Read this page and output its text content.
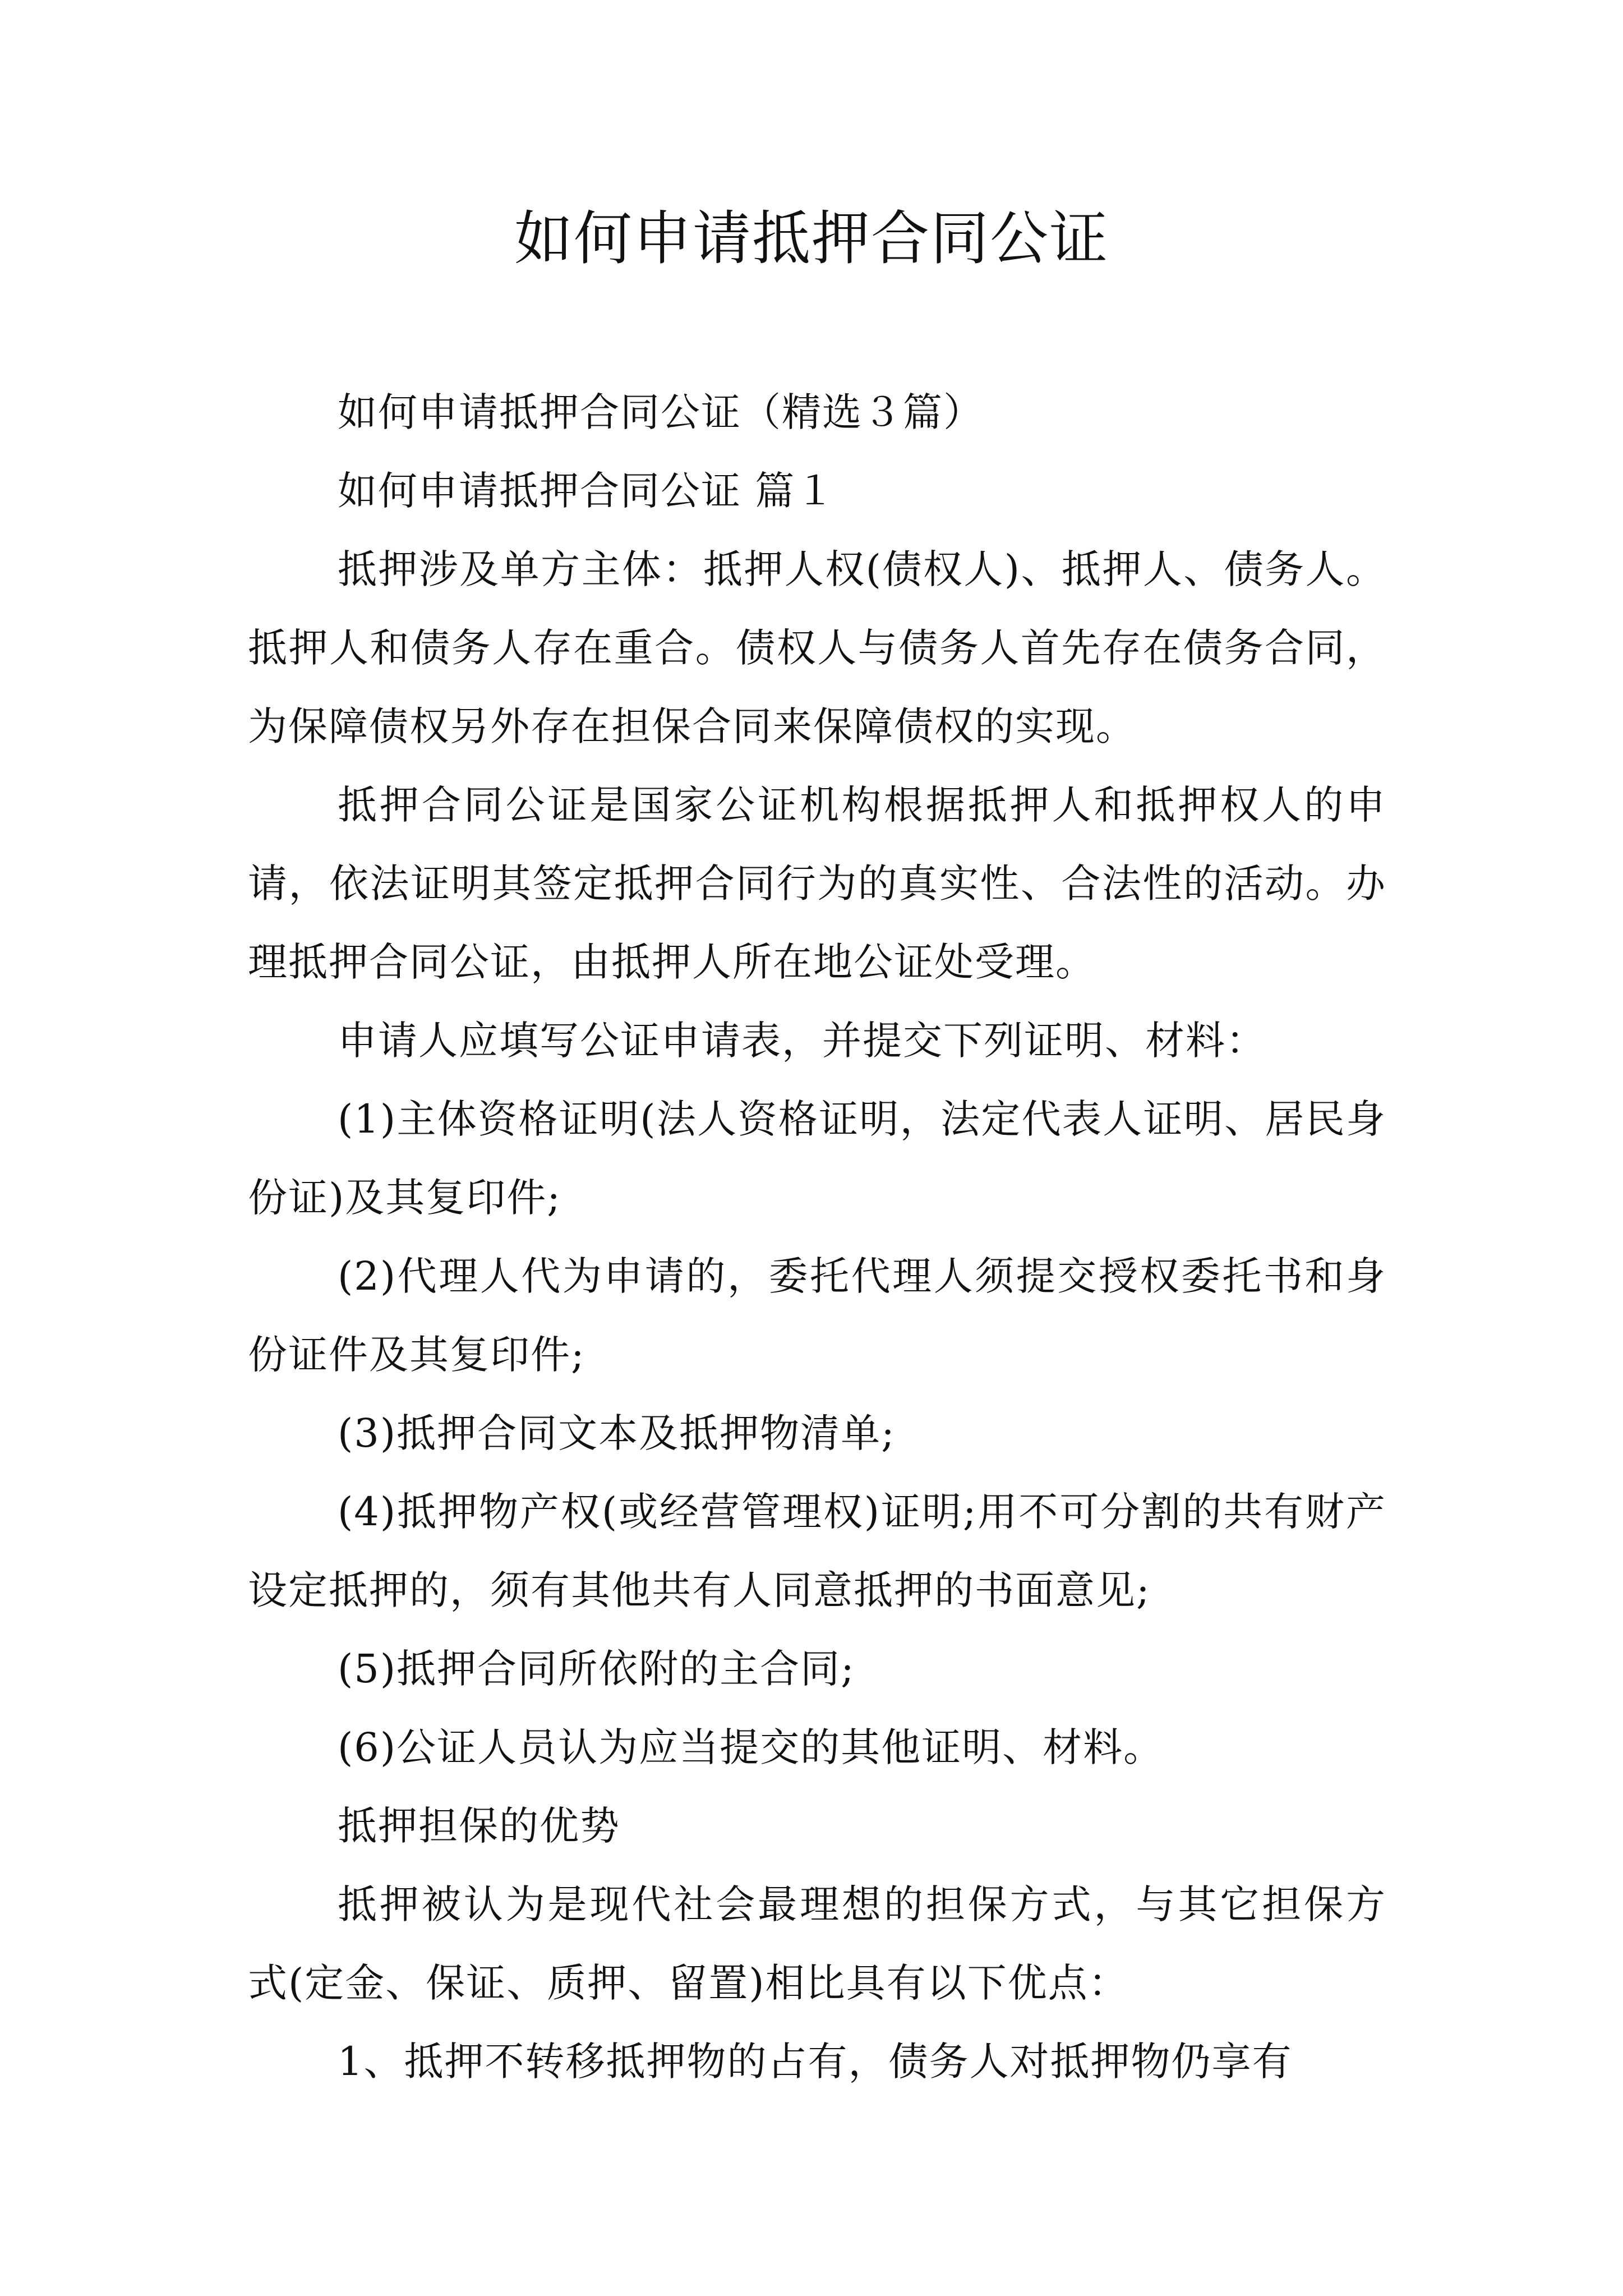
如何申请抵押合同公证

如何申请抵押合同公证（精选３篇）

如何申请抵押合同公证 篇１

抵押涉及单方主体：抵押人权(债权人)、抵押人、债务人。抵押人和债务人存在重合。债权人与债务人首先存在债务合同，为保障债权另外存在担保合同来保障债权的实现。

抵押合同公证是国家公证机构根据抵押人和抵押权人的申请，依法证明其签定抵押合同行为的真实性、合法性的活动。办理抵押合同公证，由抵押人所在地公证处受理。

申请人应填写公证申请表，并提交下列证明、材料：

(1)主体资格证明(法人资格证明，法定代表人证明、居民身份证)及其复印件;

(2)代理人代为申请的，委托代理人须提交授权委托书和身份证件及其复印件;

(3)抵押合同文本及抵押物清单;

(4)抵押物产权(或经营管理权)证明;用不可分割的共有财产设定抵押的，须有其他共有人同意抵押的书面意见;

(5)抵押合同所依附的主合同;

(6)公证人员认为应当提交的其他证明、材料。

抵押担保的优势

抵押被认为是现代社会最理想的担保方式，与其它担保方式(定金、保证、质押、留置)相比具有以下优点：

1、抵押不转移抵押物的占有，债务人对抵押物仍享有
